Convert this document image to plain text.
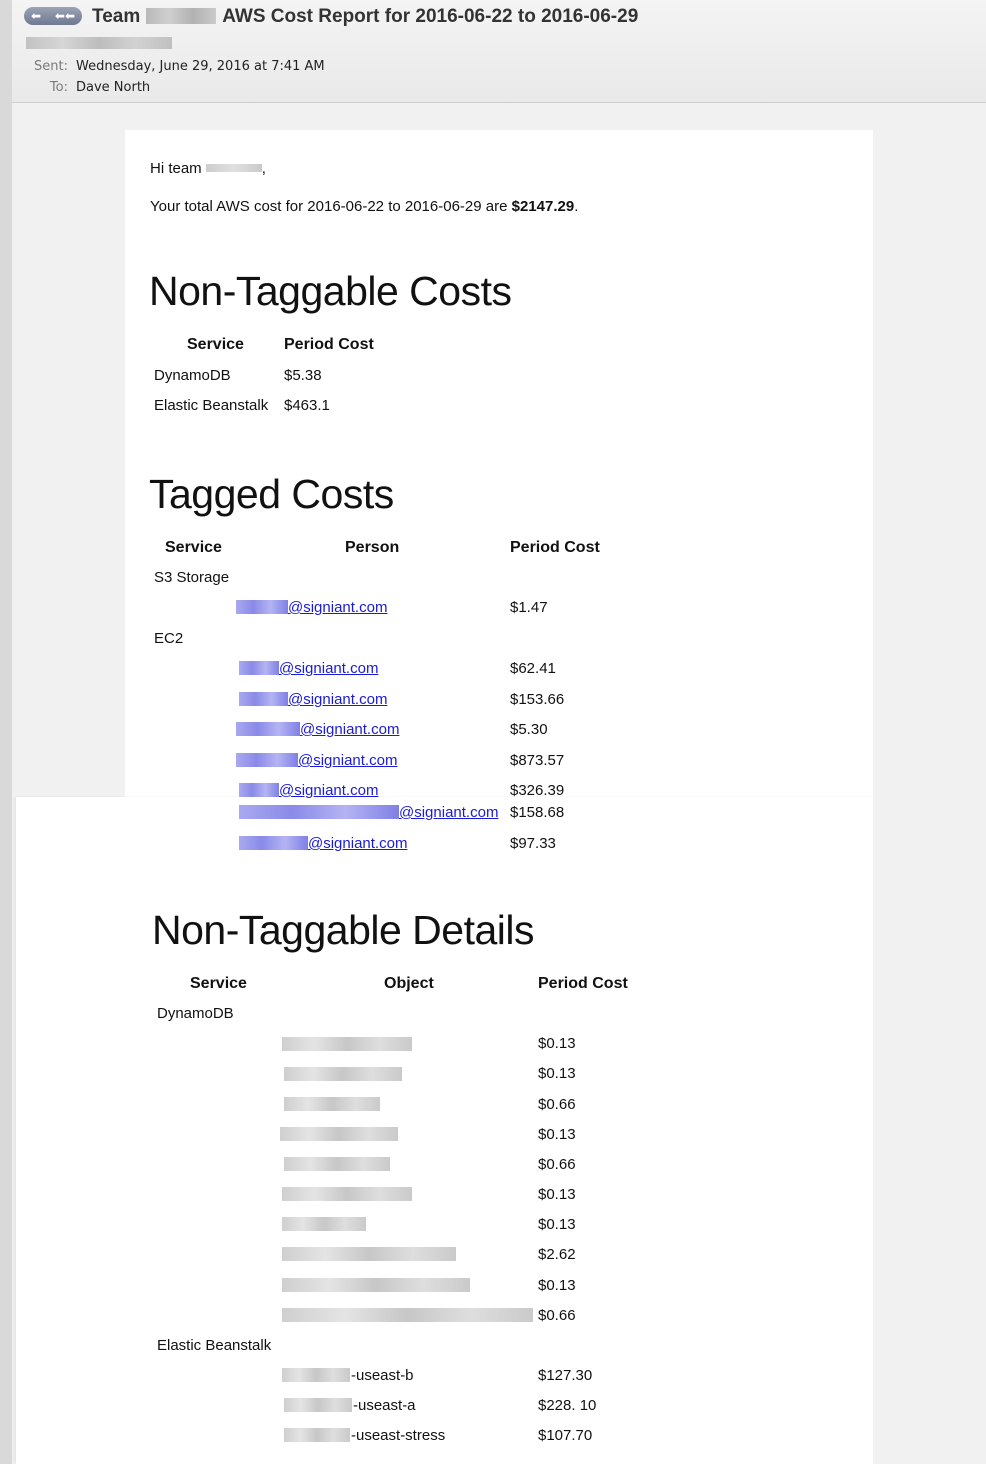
⬅ ⬅⬅ Team	AWS Cost Report for 2016-06-22 to 2016-06-29
Sent: Wednesday, June 29, 2016 at 7:41 AM
To: Dave North
Hi team	,
Your total AWS cost for 2016-06-22 to 2016-06-29 are $2147.29.
Non-Taggable Costs
Service	Period Cost
DynamoDB	$5.38
Elastic Beanstalk $463.1
Tagged Costs
Service	Person	Period Cost
S3 Storage
@signiant.com	$1.47
EC2
@signiant.com	$62.41
@signiant.com	$153.66
@signiant.com	$5.30
@signiant.com	$873.57
@signiant.com	$326.39
@signiant.com $158.68
@signiant.com	$97.33
Non-Taggable Details
Service	Object	Period Cost
DynamoDB
$0.13
$0.13
$0.66
$0.13
$0.66
$0.13
$0.13
$2.62
$0.13
$0.66
Elastic Beanstalk
-useast-b	$127.30
-useast-a	$228. 10
-useast-stress	$107.70
